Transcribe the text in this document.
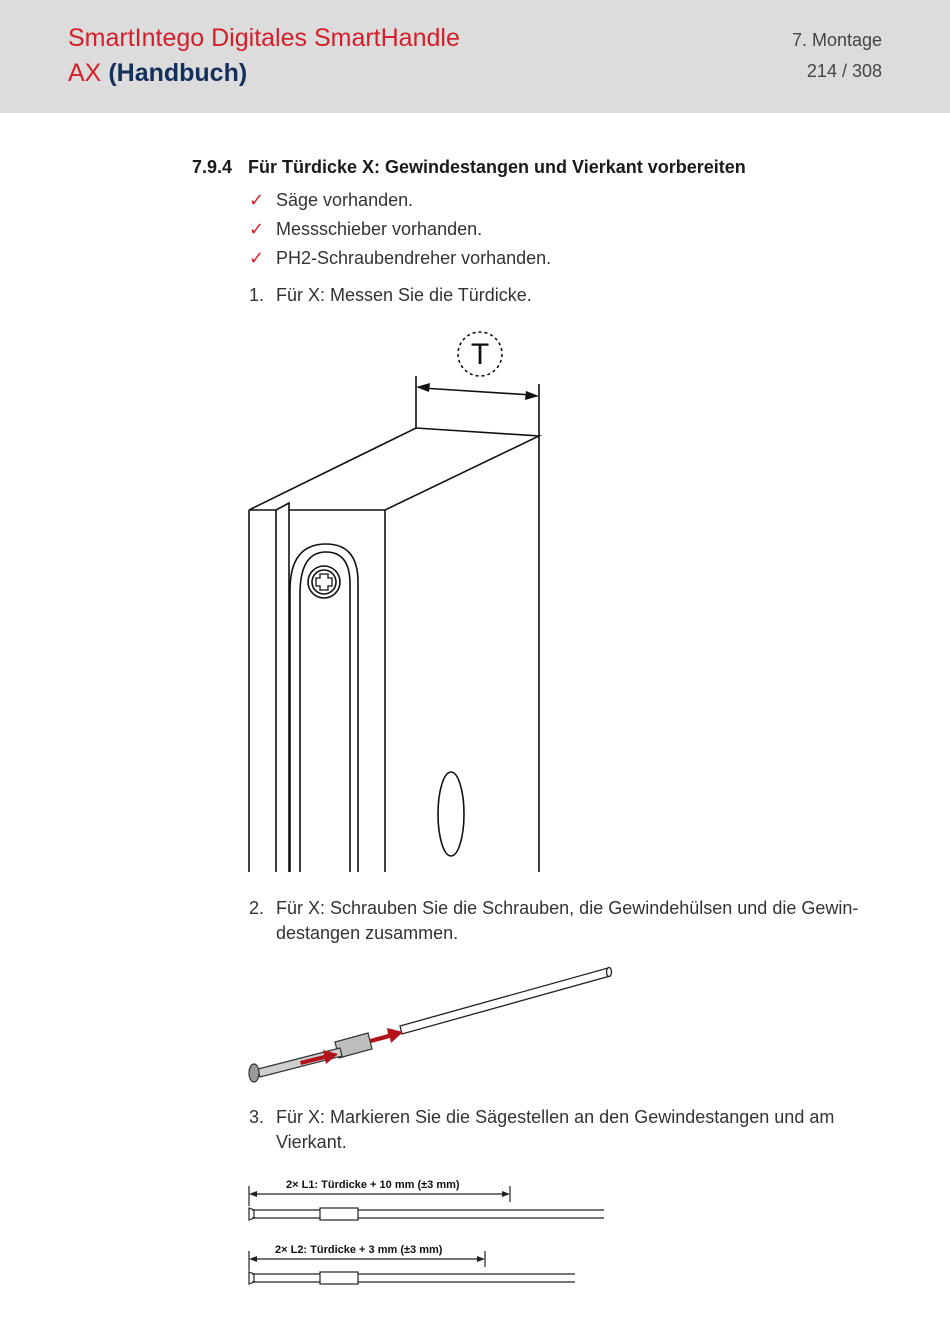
SmartIntego Digitales SmartHandle
AX (Handbuch)
7. Montage
214 / 308
7.9.4 Für Türdicke X: Gewindestangen und Vierkant vorbereiten
✓ Säge vorhanden.
✓ Messschieber vorhanden.
✓ PH2-Schraubendreher vorhanden.
1. Für X: Messen Sie die Türdicke.
T
2. Für X: Schrauben Sie die Schrauben, die Gewindehülsen und die Gewindestangen zusammen.
3. Für X: Markieren Sie die Sägestellen an den Gewindestangen und am Vierkant.
2× L1: Türdicke + 10 mm (±3 mm)
2× L2: Türdicke + 3 mm (±3 mm)
